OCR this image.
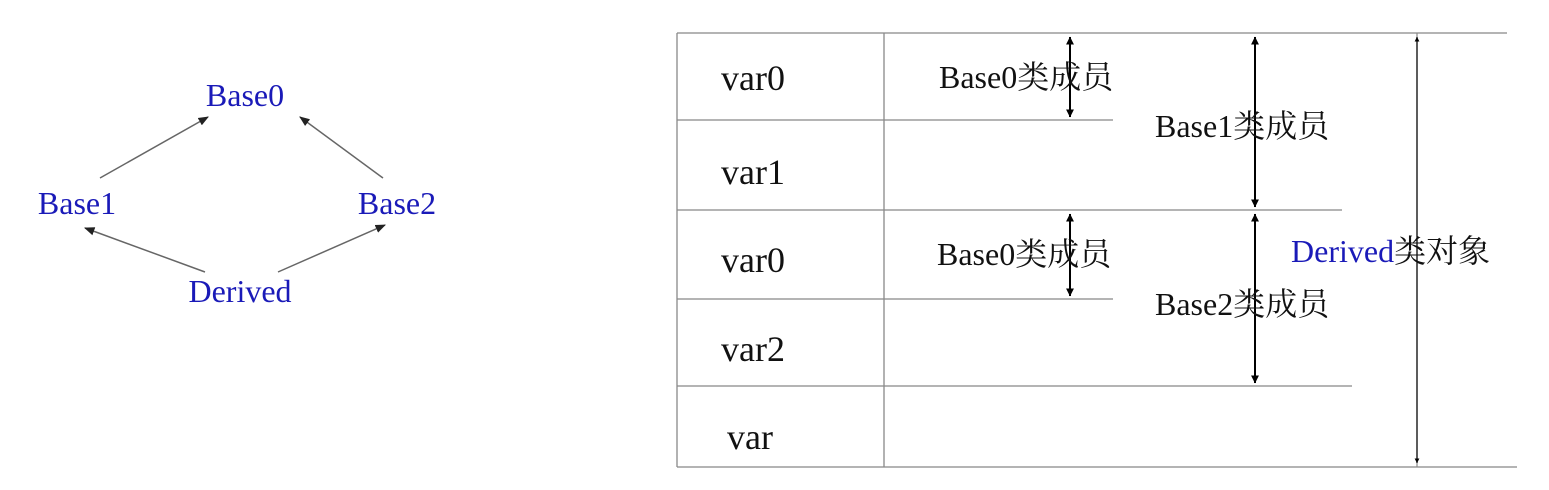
Base0
Base1	Base2
Derived
var0
var1
var0
var2
var
Base0类成员
Base1类成员
Base0类成员
Base2类成员
Derived类对象
